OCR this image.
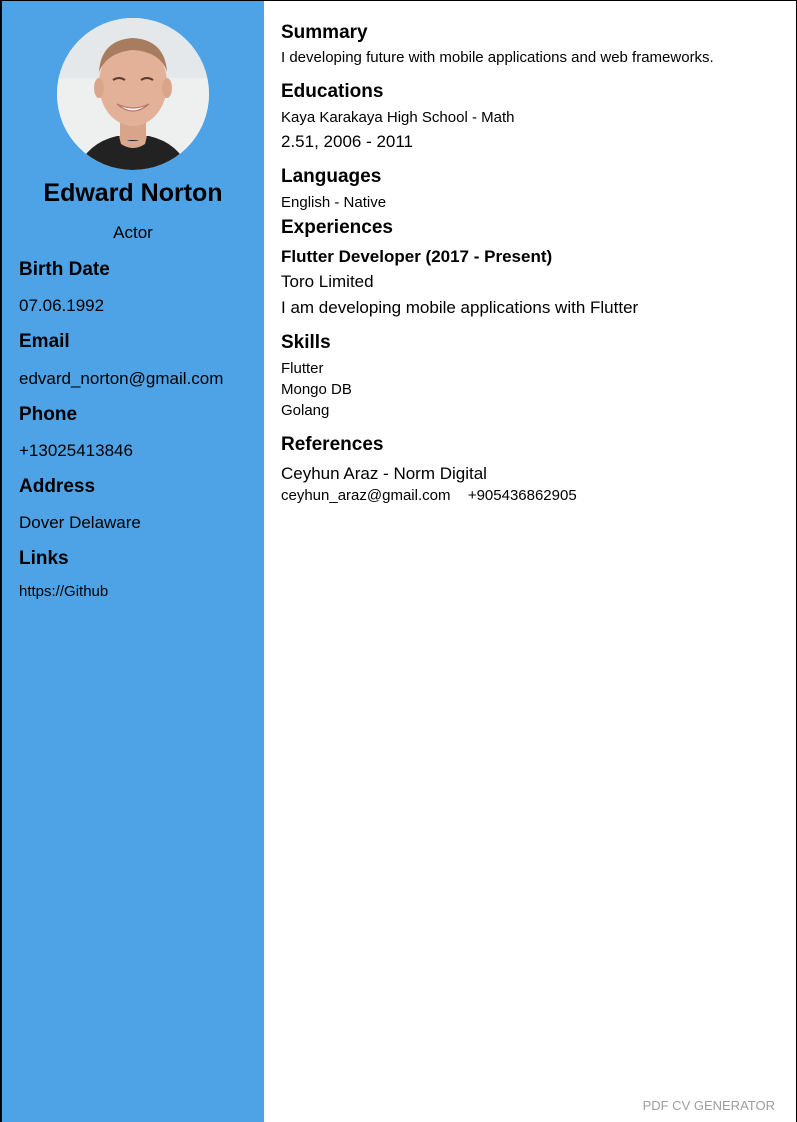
Edward Norton
Actor
Birth Date
07.06.1992
Email
edvard_norton@gmail.com
Phone
+13025413846
Address
Dover Delaware
Links
https://Github
Summary
I developing future with mobile applications and web frameworks.
Educations
Kaya Karakaya High School - Math
2.51, 2006 - 2011
Languages
English - Native
Experiences
Flutter Developer (2017 - Present)
Toro Limited
I am developing mobile applications with Flutter
Skills
Flutter
Mongo DB
Golang
References
Ceyhun Araz - Norm Digital
ceyhun_araz@gmail.com +905436862905
PDF CV GENERATOR
